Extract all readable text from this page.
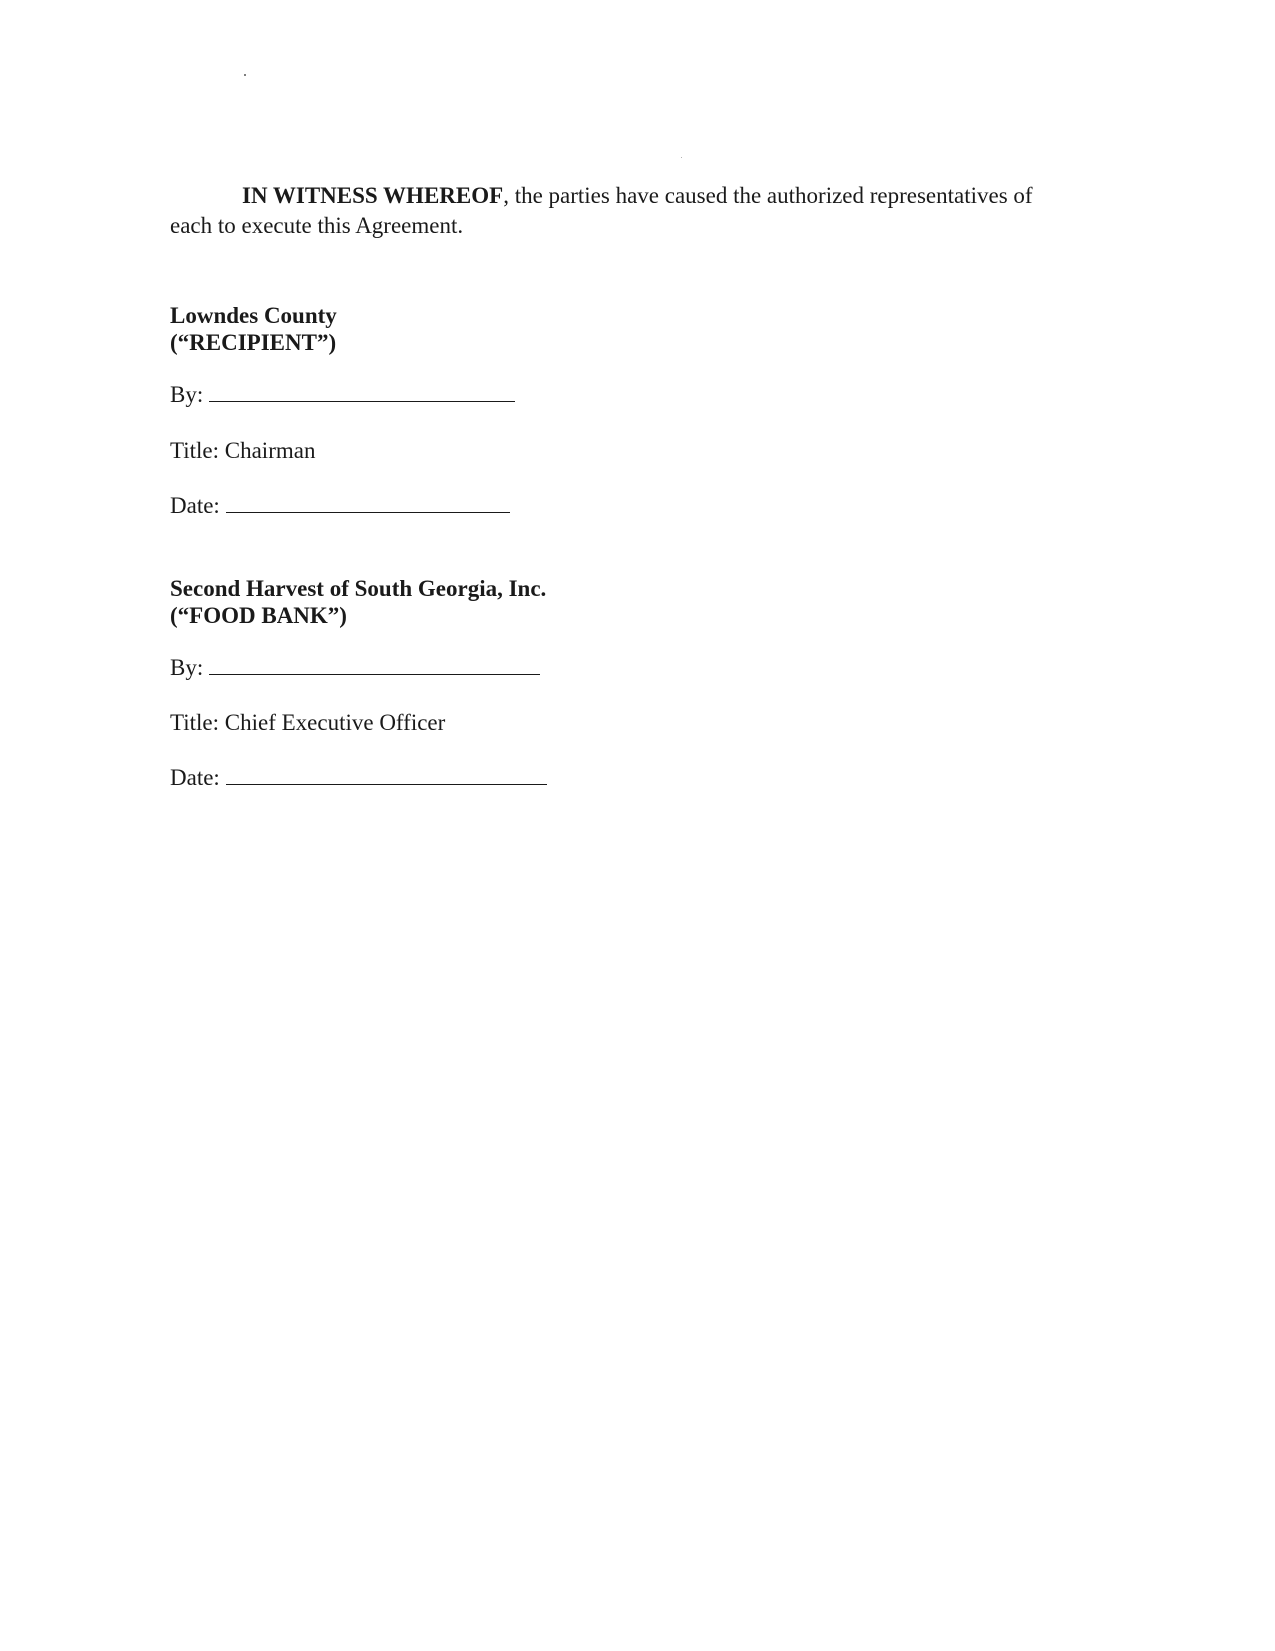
IN WITNESS WHEREOF, the parties have caused the authorized representatives of each to execute this Agreement.

Lowndes County

(“RECIPIENT”)

By:

Title: Chairman

Date:

Second Harvest of South Georgia, Inc.

(“FOOD BANK”)

By:

Title: Chief Executive Officer

Date:
